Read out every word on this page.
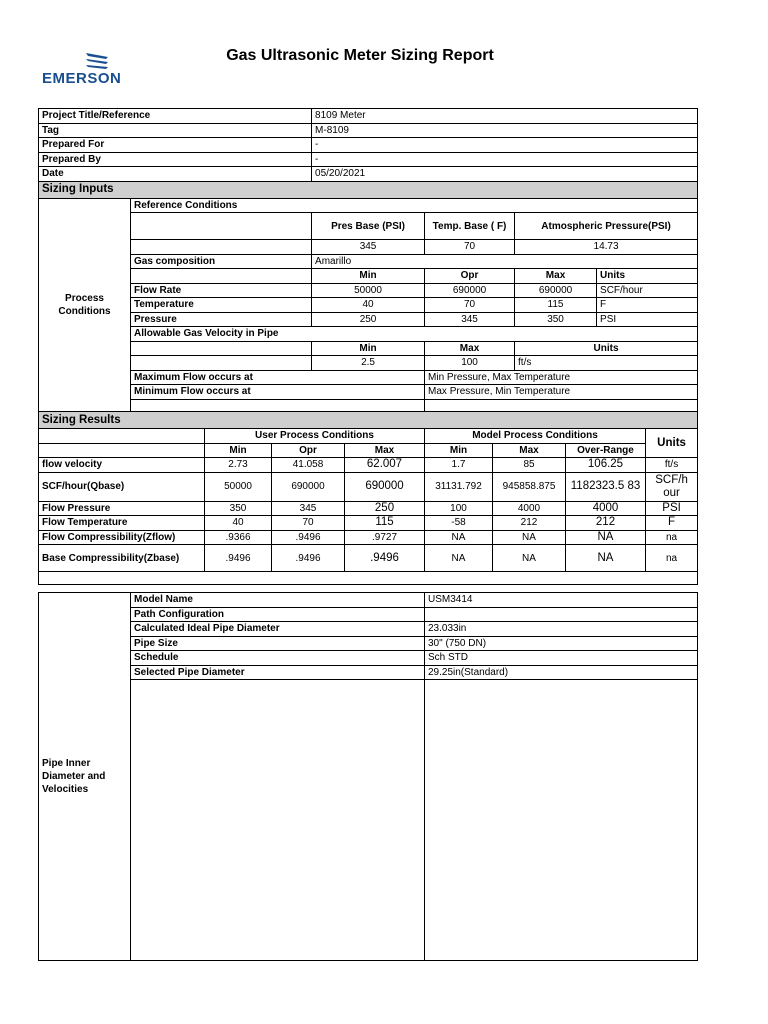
EMERSON
Gas Ultrasonic Meter Sizing Report
Project Title/Reference		8109 Meter			
Tag		M-8109			
Prepared For		-			
Prepared By		-			
Date		05/20/2021			
Sizing Inputs					
Process Conditions	Reference Conditions				
		Pres Base (PSI)	Temp. Base ( F)	Atmospheric Pressure(PSI)	
		345	70	14.73	
	Gas composition	Amarillo			
		Min	Opr	Max	Units
	Flow Rate	50000	690000	690000	SCF/hour
	Temperature	40	70	115	F
	Pressure	250	345	350	PSI
	Allowable Gas Velocity in Pipe				
		Min	Max	Units	
		2.5	100	ft/s	
	Maximum Flow occurs at		Min Pressure, Max Temperature		
	Minimum Flow occurs at		Max Pressure, Min Temperature		

Sizing Results							
	User Process Conditions			Model Process Conditions			Units
	Min	Opr	Max	Min	Max	Over-Range	
flow velocity	2.73	41.058	62.007	1.7	85	106.25	ft/s
SCF/hour(Qbase)	50000	690000	690000	31131.792	945858.875	1182323.5 83	SCF/h our
Flow Pressure	350	345	250	100	4000	4000	PSI
Flow Temperature	40	70	115	-58	212	212	F
Flow Compressibility(Zflow)	.9366	.9496	.9727	NA	NA	NA	na
Base Compressibility(Zbase)	.9496	.9496	.9496	NA	NA	NA	na

Pipe Inner Diameter and Velocities	Model Name	USM3414
	Path Configuration	
	Calculated Ideal Pipe Diameter	23.033in
	Pipe Size	30" (750 DN)
	Schedule	Sch STD
	Selected Pipe Diameter	29.25in(Standard)
